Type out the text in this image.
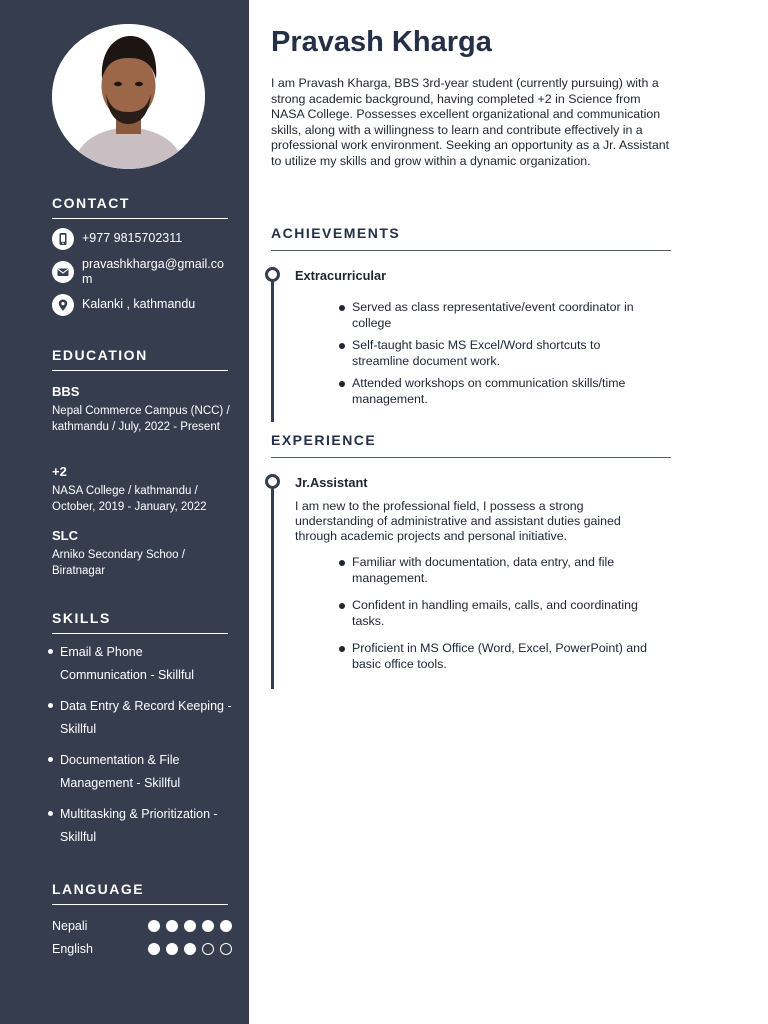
CONTACT
+977 9815702311
pravashkharga@gmail.com
Kalanki , kathmandu
EDUCATION
BBS
Nepal Commerce Campus (NCC) / kathmandu / July, 2022 - Present
+2
NASA College / kathmandu / October, 2019 - January, 2022
SLC
Arniko Secondary Schoo / Biratnagar
SKILLS
Email & Phone Communication - Skillful
Data Entry & Record Keeping - Skillful
Documentation & File Management - Skillful
Multitasking & Prioritization - Skillful
LANGUAGE
Nepali
English
Pravash Kharga
I am Pravash Kharga, BBS 3rd-year student (currently pursuing) with a strong academic background, having completed +2 in Science from NASA College. Possesses excellent organizational and communication skills, along with a willingness to learn and contribute effectively in a professional work environment. Seeking an opportunity as a Jr. Assistant to utilize my skills and grow within a dynamic organization.
ACHIEVEMENTS
Extracurricular
Served as class representative/event coordinator in college
Self-taught basic MS Excel/Word shortcuts to streamline document work.
Attended workshops on communication skills/time management.
EXPERIENCE
Jr.Assistant
I am new to the professional field, I possess a strong understanding of administrative and assistant duties gained through academic projects and personal initiative.
Familiar with documentation, data entry, and file management.
Confident in handling emails, calls, and coordinating tasks.
Proficient in MS Office (Word, Excel, PowerPoint) and basic office tools.
